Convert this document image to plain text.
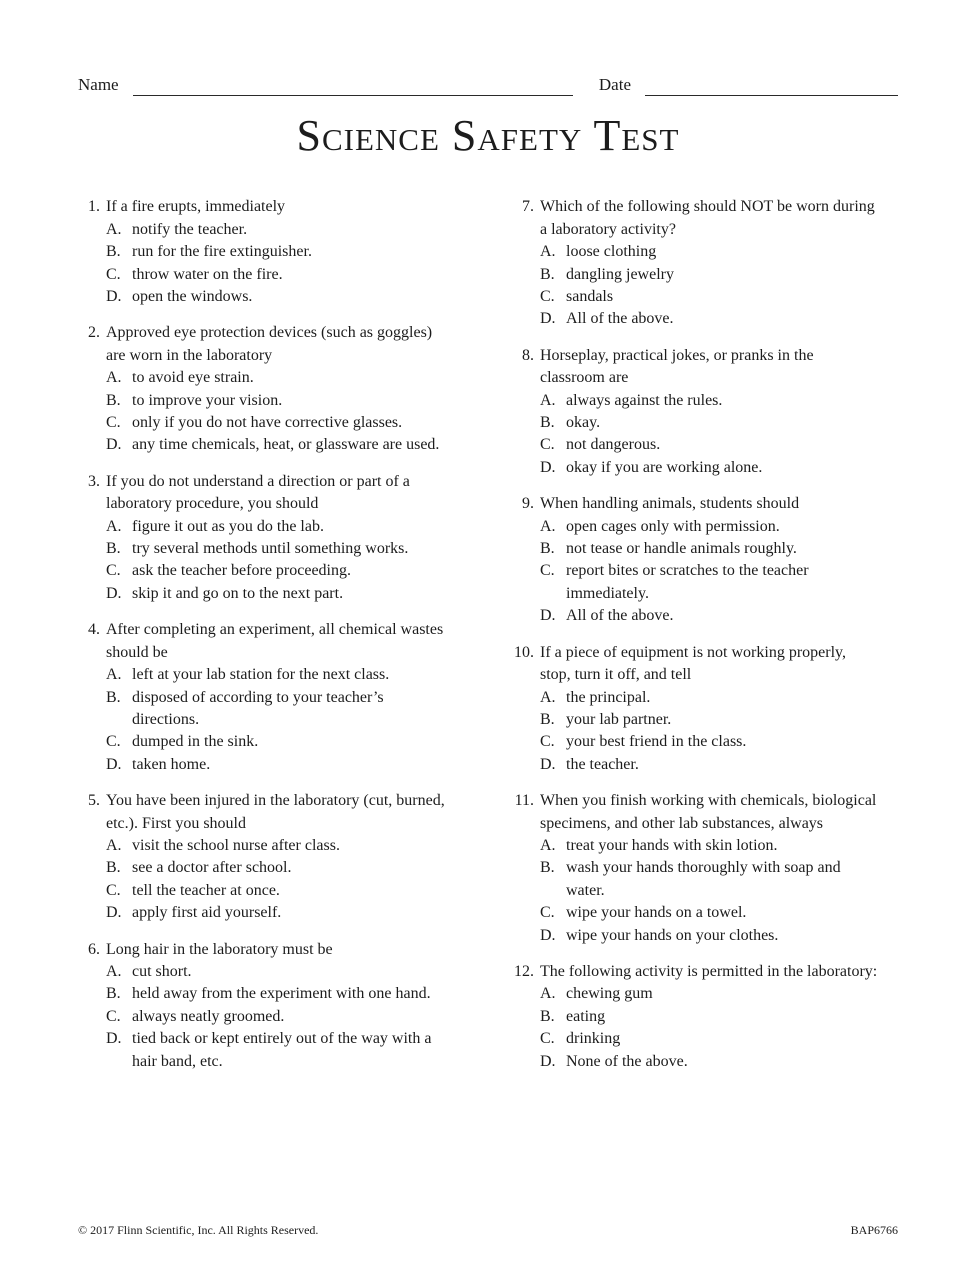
Name	Date
Science Safety Test
1. If a fire erupts, immediately
A. notify the teacher.
B. run for the fire extinguisher.
C. throw water on the fire.
D. open the windows.
2. Approved eye protection devices (such as goggles) are worn in the laboratory
A. to avoid eye strain.
B. to improve your vision.
C. only if you do not have corrective glasses.
D. any time chemicals, heat, or glassware are used.
3. If you do not understand a direction or part of a laboratory procedure, you should
A. figure it out as you do the lab.
B. try several methods until something works.
C. ask the teacher before proceeding.
D. skip it and go on to the next part.
4. After completing an experiment, all chemical wastes should be
A. left at your lab station for the next class.
B. disposed of according to your teacher’s directions.
C. dumped in the sink.
D. taken home.
5. You have been injured in the laboratory (cut, burned, etc.). First you should
A. visit the school nurse after class.
B. see a doctor after school.
C. tell the teacher at once.
D. apply first aid yourself.
6. Long hair in the laboratory must be
A. cut short.
B. held away from the experiment with one hand.
C. always neatly groomed.
D. tied back or kept entirely out of the way with a hair band, etc.
7. Which of the following should NOT be worn during a laboratory activity?
A. loose clothing
B. dangling jewelry
C. sandals
D. All of the above.
8. Horseplay, practical jokes, or pranks in the classroom are
A. always against the rules.
B. okay.
C. not dangerous.
D. okay if you are working alone.
9. When handling animals, students should
A. open cages only with permission.
B. not tease or handle animals roughly.
C. report bites or scratches to the teacher immediately.
D. All of the above.
10. If a piece of equipment is not working properly, stop, turn it off, and tell
A. the principal.
B. your lab partner.
C. your best friend in the class.
D. the teacher.
11. When you finish working with chemicals, biological specimens, and other lab substances, always
A. treat your hands with skin lotion.
B. wash your hands thoroughly with soap and water.
C. wipe your hands on a towel.
D. wipe your hands on your clothes.
12. The following activity is permitted in the laboratory:
A. chewing gum
B. eating
C. drinking
D. None of the above.
© 2017 Flinn Scientific, Inc. All Rights Reserved.	BAP6766
